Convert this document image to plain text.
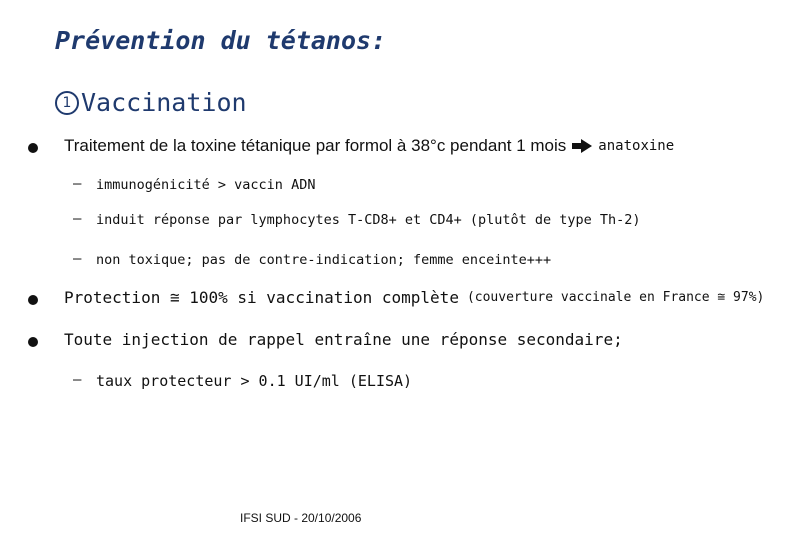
Prévention du tétanos:
1 Vaccination
Traitement de la toxine tétanique par formol à 38°c pendant 1 mois anatoxine
– immunogénicité > vaccin ADN
– induit réponse par lymphocytes T-CD8+ et CD4+ (plutôt de type Th-2)
– non toxique; pas de contre-indication; femme enceinte+++
Protection ≅ 100% si vaccination complète (couverture vaccinale en France ≅ 97%)
Toute injection de rappel entraîne une réponse secondaire;
– taux protecteur > 0.1 UI/ml (ELISA)
IFSI SUD - 20/10/2006
